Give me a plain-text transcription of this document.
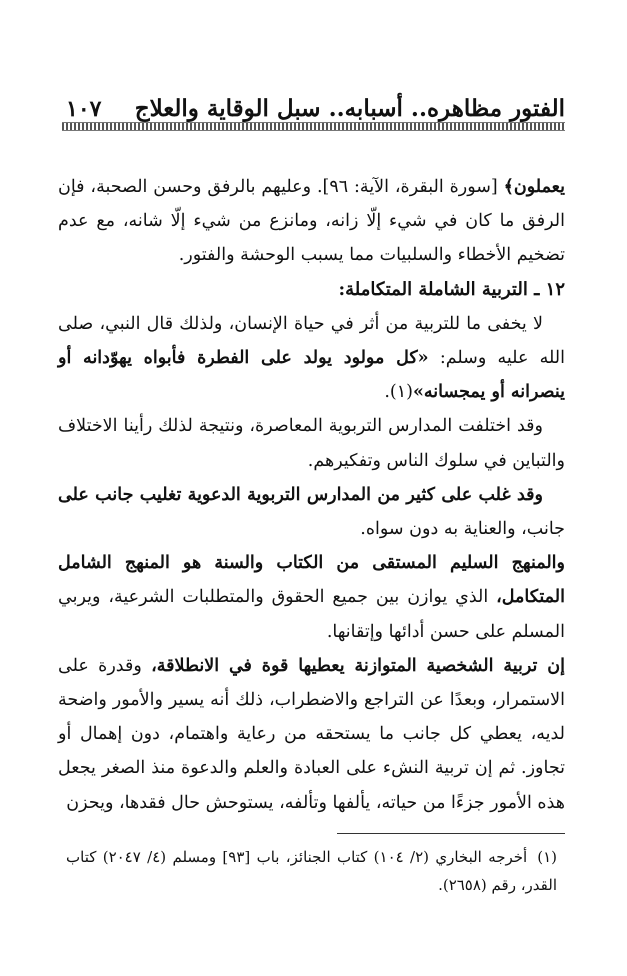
الفتور مظاهره.. أسبابه.. سبل الوقاية والعلاج
١٠٧

يعملون﴾ [سورة البقرة، الآية: ٩٦]. وعليهم بالرفق وحسن الصحبة، فإن الرفق ما كان في شيء إلّا زانه، ومانزع من شيء إلّا شانه، مع عدم تضخيم الأخطاء والسلبيات مما يسبب الوحشة والفتور.

١٢ ـ التربية الشاملة المتكاملة:

لا يخفى ما للتربية من أثر في حياة الإنسان، ولذلك قال النبي، صلى الله عليه وسلم: «كل مولود يولد على الفطرة فأبواه يهوّدانه أو ينصرانه أو يمجسانه»(١).

وقد اختلفت المدارس التربوية المعاصرة، ونتيجة لذلك رأينا الاختلاف والتباين في سلوك الناس وتفكيرهم.

وقد غلب على كثير من المدارس التربوية الدعوية تغليب جانب على جانب، والعناية به دون سواه.

والمنهج السليم المستقى من الكتاب والسنة هو المنهج الشامل المتكامل، الذي يوازن بين جميع الحقوق والمتطلبات الشرعية، ويربي المسلم على حسن أدائها وإتقانها.

إن تربية الشخصية المتوازنة يعطيها قوة في الانطلاقة، وقدرة على الاستمرار، وبعدًا عن التراجع والاضطراب، ذلك أنه يسير والأمور واضحة لديه، يعطي كل جانب ما يستحقه من رعاية واهتمام، دون إهمال أو تجاوز. ثم إن تربية النشء على العبادة والعلم والدعوة منذ الصغر يجعل هذه الأمور جزءًا من حياته، يألفها وتألفه، يستوحش حال فقدها، ويحزن

(١)أخرجه البخاري (٢/ ١٠٤) كتاب الجنائز، باب [٩٣] ومسلم (٤/ ٢٠٤٧) كتاب القدر، رقم (٢٦٥٨).
